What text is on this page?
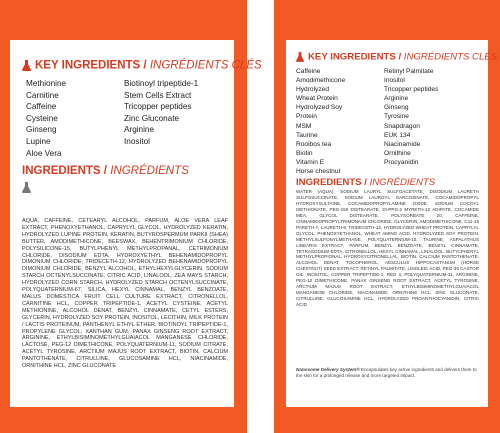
KEY INGREDIENTS / INGRÉDIENTS CLÉS
Methionine
Carnitine
Caffeine
Cysteine
Ginseng
Lupine
Aloe Vera
Biotinoyl tripeptide-1
Stem Cells Extract
Tricopper peptides
Zinc Gluconate
Arginine
Inositol
INGREDIENTS / INGRÉDIENTS

AQUA, CAFFEINE, CETEARYL ALCOHOL, PARFUM, ALOE VERA LEAF EXTRACT, PHENOXYETHANOL, CAPRYLYL GLYCOL, HYDROLYZED KERATIN, HYDROLYZED LUPINE PROTEIN, KERATIN, BUTYROSPERMUM PARKII (SHEA) BUTTER, AMODIMETHICONE, BEESWAX, BEHENTRIMONIUM CHLORIDE, POLYSILICONE-15, BUTYLPHENYL METHYLPROPANAL, CETRIMONIUM CHLORIDE, DISODIUM EDTA, HYDROXYETHYL BEHENAMIDOPROPYL DIMONIUM CHLORIDE, TRIDECETH-12, HYDROLYZED BEHENAMIDOPROPYL DIMONIUM CHLORIDE, BENZYL ALCOHOL, ETHYLHEXYLGLYCERIN, SODIUM STARCH OCTENYLSUCCINATE, CITRIC ACID, LINALOOL, ZEA MAYS STARCH, HYDROLYZED CORN STARCH, HYDROLYZED STARCH OCTENYLSUCCINATE, POLYQUATERNIUM-67, SILICA, HEXYL CINNAMAL, BENZYL BENZOATE, MALUS DOMESTICA FRUIT CELL CULTURE EXTRACT, CITRONELLOL, CARNITINE HCL, COPPER TRIPEPTIDE-1, ACETYL CYSTEINE, ACETYL METHIONINE, ALCOHOL DENAT, BENZYL CINNAMATE, CETYL ESTERS, GLYCERIN, HYDROLYZED SOY PROTEIN, INOSITOL, LECITHIN, MILK PROTEIN / LACTIS PROTEINUM, PANTHENYL ETHYL ETHER, BIOTINOYL TRIPEPTIDE-1, PROPYLENE GLYCOL, XANTHAN GUM, PANAX GINSENG ROOT EXTRACT, ARGININE, ETHYLBISIMINOMETHYLGUAIACOL MANGANESE CHLORIDE, LACTOSE, PEG-12 DIMETHICONE, POLYQUATERNIUM-11, SODIUM CITRATE, ACETYL TYROSINE, ARCTIUM MAJUS ROOT EXTRACT, BIOTIN, CALCIUM PANTOTHENATE, CITRULLINE, GLUCOSAMINE HCL, NIACINAMIDE, ORNITHINE HCL, ZINC GLUCONATE

KEY INGREDIENTS / INGRÉDIENTS CLÉS
Caffeine
Amodimethicone
Hydrolyzed
Wheat Protein
Hydrolyzed Soy
Protein
MSM
Taurine
Rooibos tea
Biotin
Vitamin E
Horse chestnut
Retinyl Palmitate
Inositol
Tricopper peptides
Arginine
Ginseng
Tyrosine
Snapdragon
EUK 134
Niacinamide
Ornithine
Procyanidin
INGREDIENTS / INGRÉDIENTS

WATER (AQUA), SODIUM LAURYL SULFOACETATE, DISODIUM LAURETH SULFOSUCCINATE, SODIUM LAUROYL SARCOSINATE, COCAMIDOPROPYL HYDROXYSULTAINE, COCAMIDOPROPYLAMINE OXIDE, SODIUM COCOYL ISETHIONATE, PEG-150 DISTEARATE, DI-PPG-2 MYRETH-10 ADIPATE, COCAMIDE MEA, GLYCOL DISTEARATE, POLYSORBATE 20, CAFFEINE, CINNAMIDOPROPYLTRIMONIUM CHLORIDE, GLYCERIN, AMODIMETHICONE, C11-15 PARETH-7, LAURETH-9, TRIDECETH-12, HYDROLYZED WHEAT PROTEIN, CAPRYLYL GLYCOL, PHENOXYETHANOL, WHEAT AMINO ACID, HYDROLYZED SOY PROTEIN, METHYLSULFONYLMETHANE, POLYQUATERNIUM-10, TAURINE, ASPALATHUS LINEARIS EXTRACT, PARFUM, BENZYL BENZOATE, BENZYL CINNAMATE, TETRASODIUM EDTA, CITRONELLOL, HEXYL CINNAMAL, LINALOOL, BUTYLPHENYL METHYLPROPIONAL, HYDROXYCITRONELLAL, BIOTIN, CALCIUM PANTOTHENATE, ALCOHOL DENAT, TOCOPHEROL, AESCULUS HIPPOCASTANUM (HORSE CHESTNUT) SEED EXTRACT, RETINYL PALMITATE, LINOLEIC ACID, PEG-35 CASTOR OIL, INOSITOL, COPPER TRIPEPTIDE-1, RED 4, POLYQUATERNIUM-11, ARGININE, PEG-12 DIMETHICONE, PANAX GINSENG ROOT EXTRACT, ACETYL TYROSINE, ARCTIUM MAJUS ROOT EXTRACT, ETHYLBISIMINOMETHYLGUAIACOL MANGANESE CHLORIDE, NIACINAMIDE, ORNITHINE HCL, ZINC GLUCONATE, CITRULLINE, GLUCOSAMINE HCL, HYDROLYZED PROANTHOCYANIDIN, CITRIC ACID

Nanosome Delivery System® Encapsulates key active ingredients and delivers them to the skin for a prolonged release and more targeted impact.
